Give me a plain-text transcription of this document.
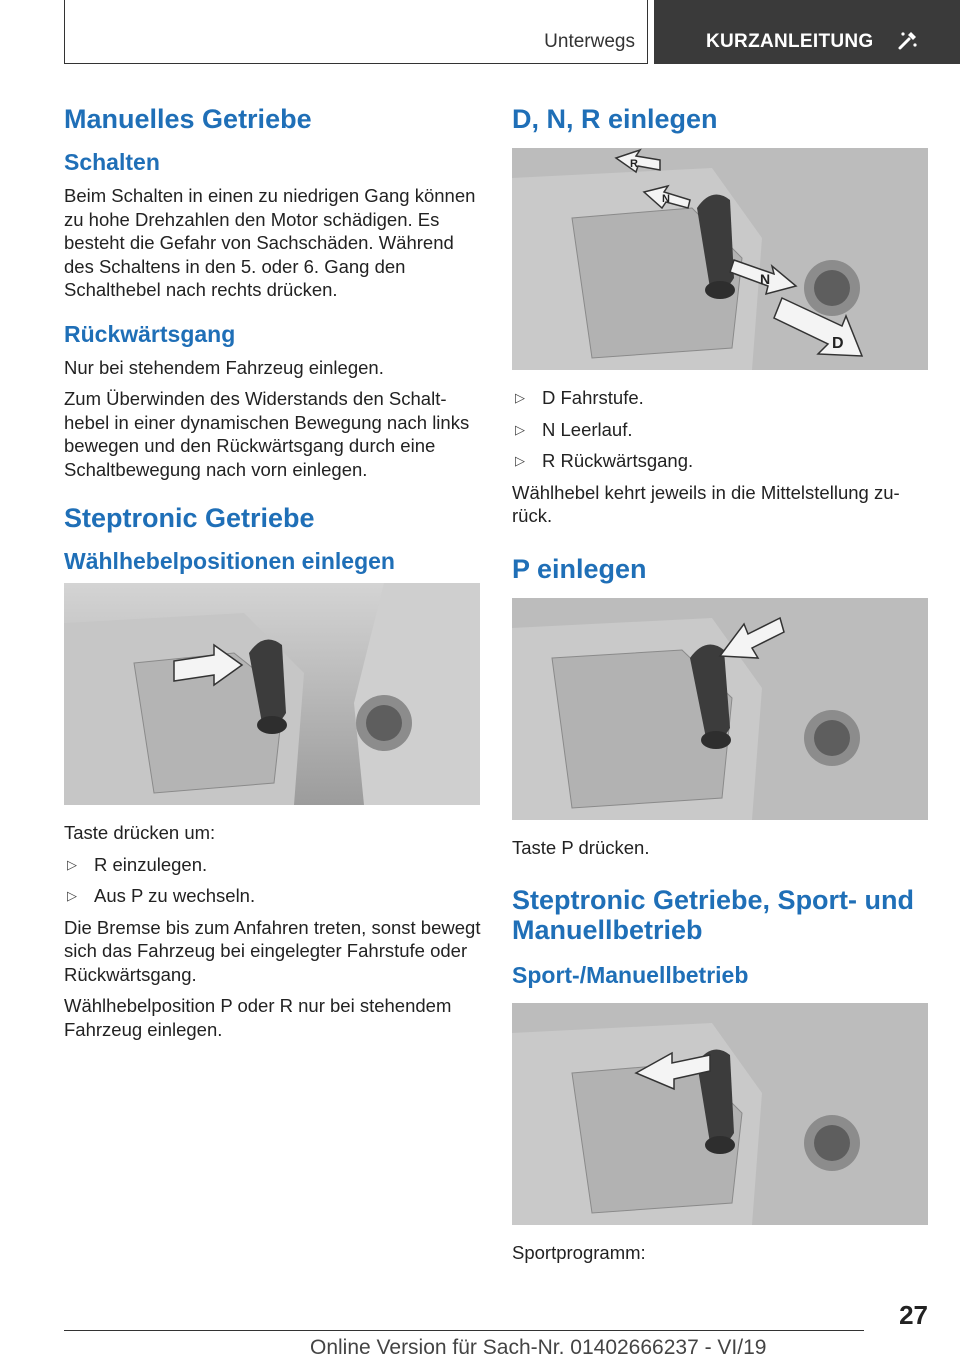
Unterwegs	KURZANLEITUNG
Manuelles Getriebe
Schalten

Beim Schalten in einen zu niedrigen Gang können zu hohe Drehzahlen den Motor schädigen. Es besteht die Gefahr von Sachschäden. Während des Schaltens in den 5. oder 6. Gang den Schalthebel nach rechts drücken.

Rückwärtsgang

Nur bei stehendem Fahrzeug einlegen.

Zum Überwinden des Widerstands den Schalthebel in einer dynamischen Bewegung nach links bewegen und den Rückwärtsgang durch eine Schaltbewegung nach vorn einlegen.

Steptronic Getriebe
Wählhebelpositionen einlegen

Taste drücken um:

▷ R einzulegen.
▷ Aus P zu wechseln.

Die Bremse bis zum Anfahren treten, sonst bewegt sich das Fahrzeug bei eingelegter Fahrstufe oder Rückwärtsgang.

Wählhebelposition P oder R nur bei stehendem Fahrzeug einlegen.

D, N, R einlegen
R
N
N
D
▷ D Fahrstufe.
▷ N Leerlauf.
▷ R Rückwärtsgang.

Wählhebel kehrt jeweils in die Mittelstellung zurück.

P einlegen

Taste P drücken.

Steptronic Getriebe, Sport- und Manuellbetrieb
Sport-/Manuellbetrieb

Sportprogramm:

27
Online Version für Sach-Nr. 01402666237 - VI/19
